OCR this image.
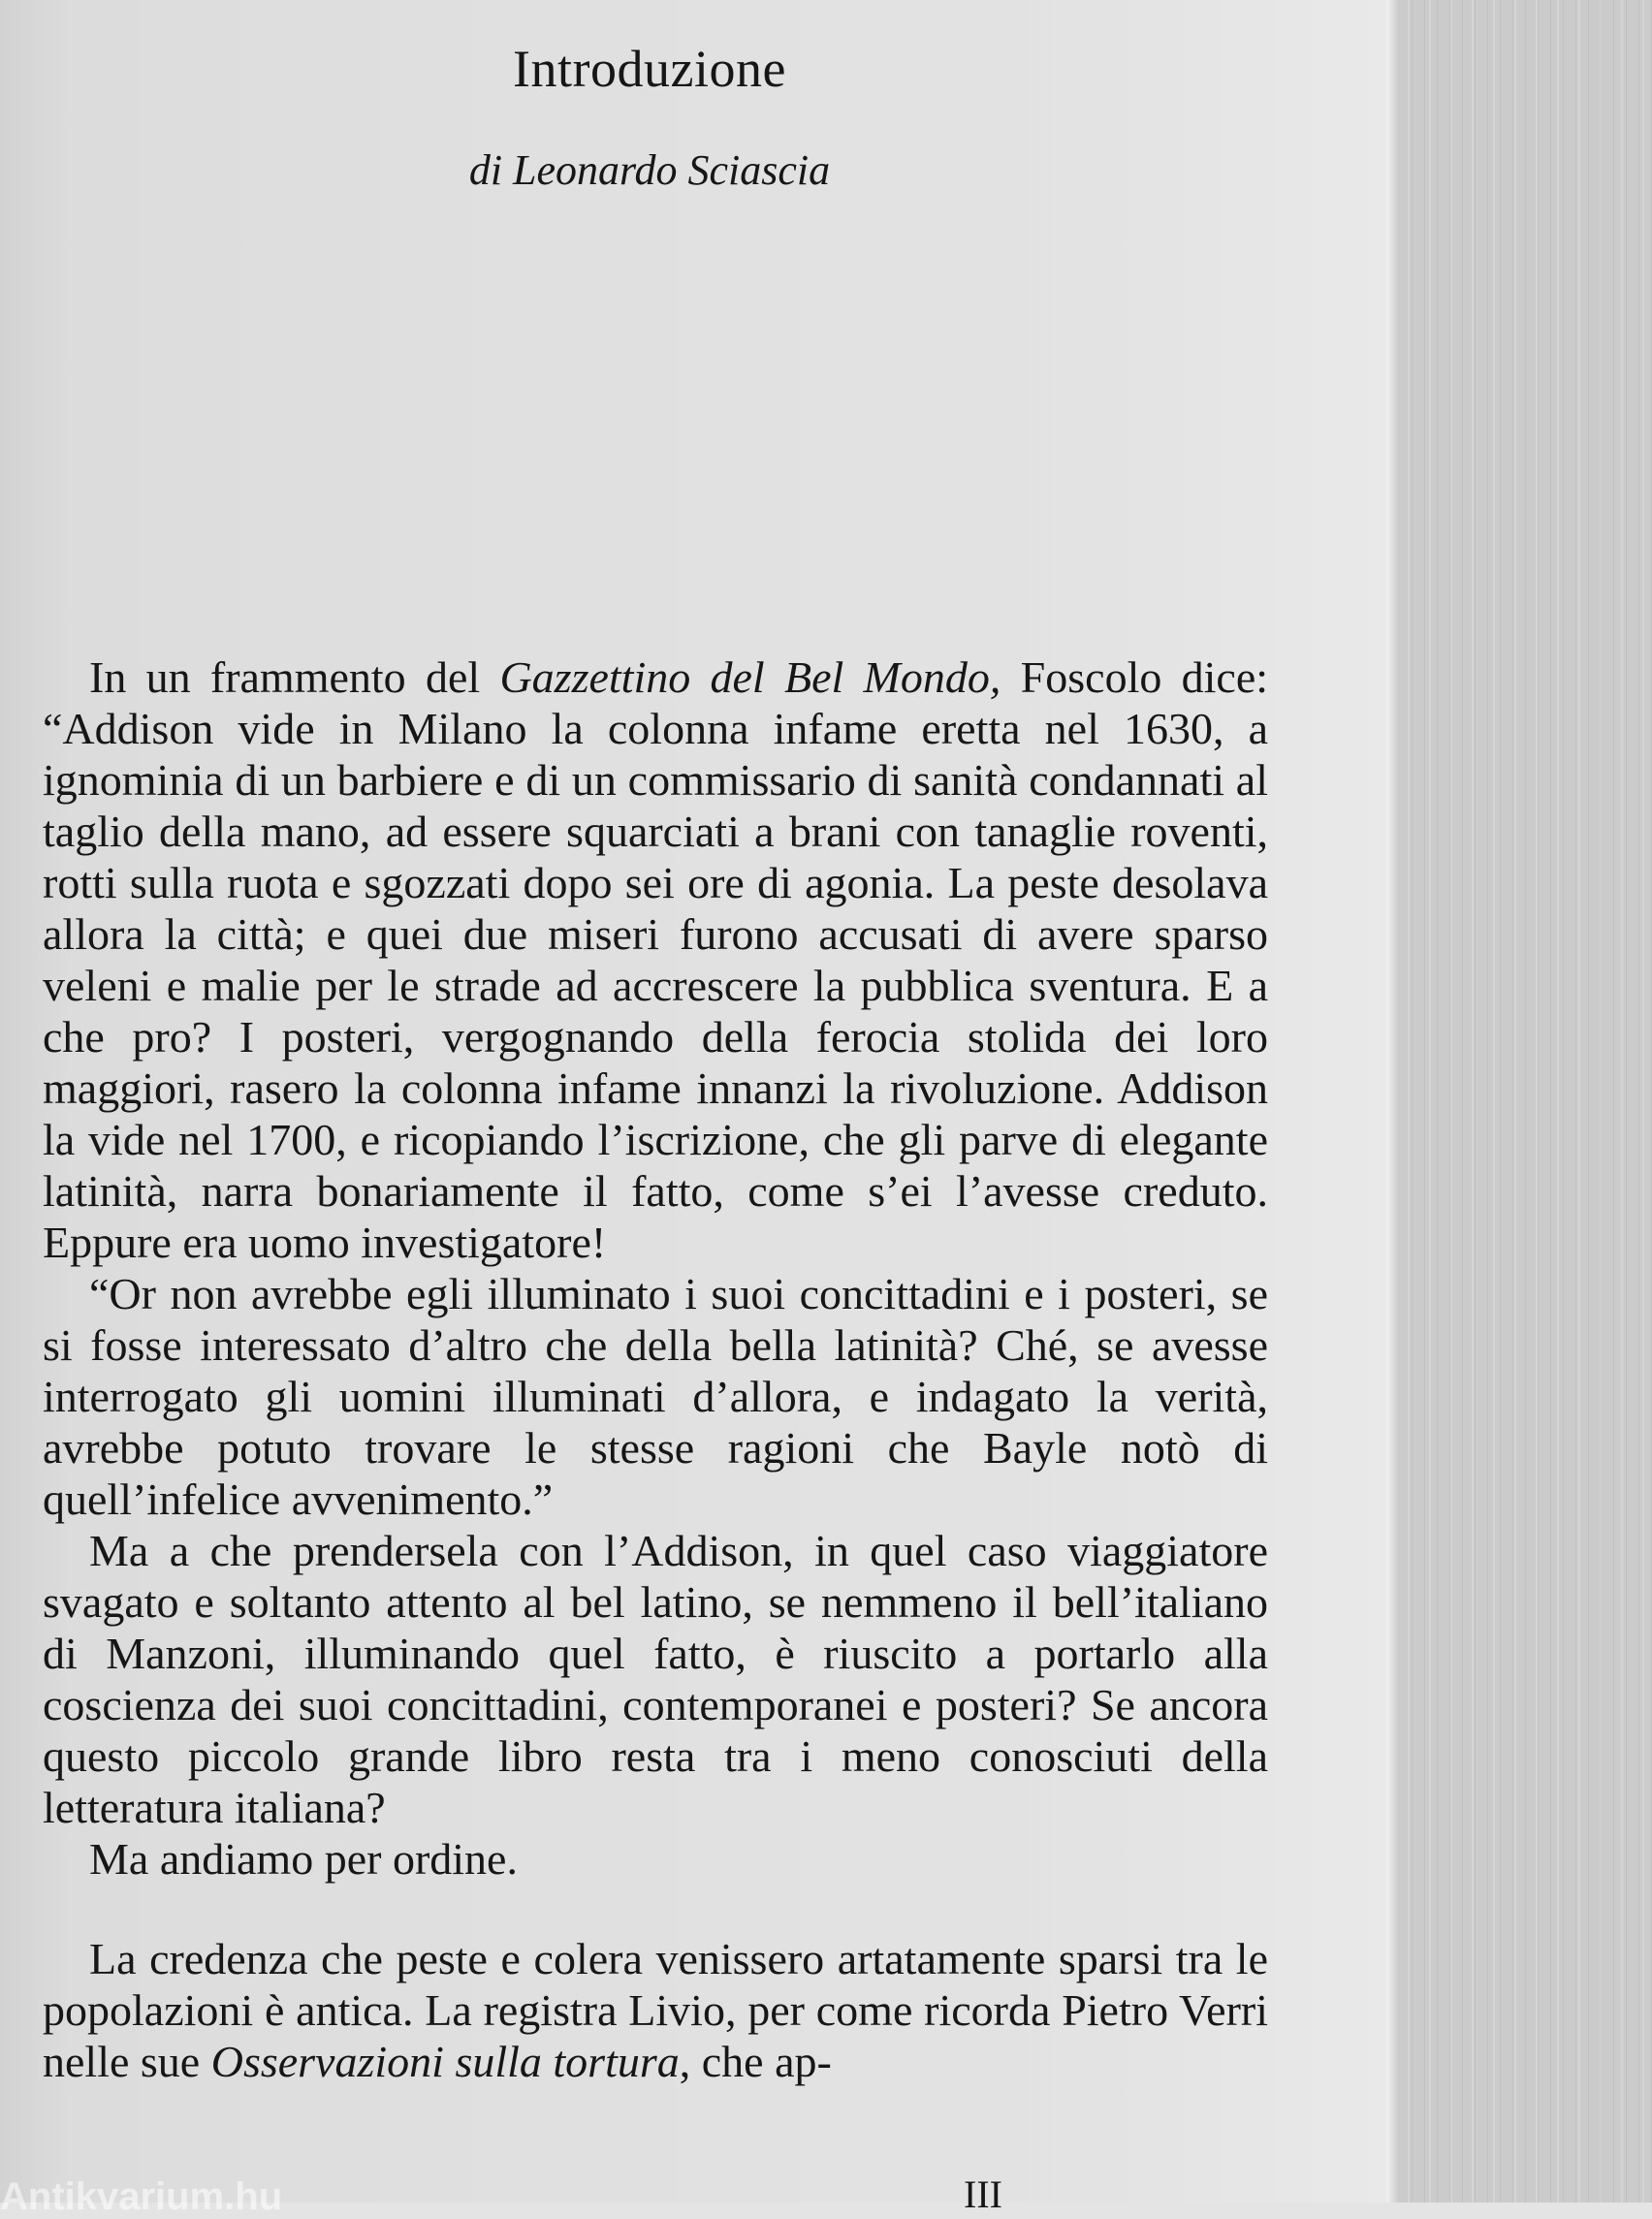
Introduzione
di Leonardo Sciascia

In un frammento del Gazzettino del Bel Mondo, Foscolo dice: “Addison vide in Milano la colonna infame eretta nel 1630, a ignominia di un barbiere e di un commissario di sanità condannati al taglio della mano, ad essere squarciati a brani con tanaglie roventi, rotti sulla ruota e sgozzati dopo sei ore di agonia. La peste desolava allora la città; e quei due miseri furono accusati di avere sparso veleni e malie per le strade ad accrescere la pubblica sventura. E a che pro? I posteri, vergognando della ferocia stolida dei loro maggiori, rasero la colonna infame innanzi la rivoluzione. Addison la vide nel 1700, e ricopiando l’iscrizione, che gli parve di elegante latinità, narra bonariamente il fatto, come s’ei l’avesse creduto. Eppure era uomo investigatore!

“Or non avrebbe egli illuminato i suoi concittadini e i posteri, se si fosse interessato d’altro che della bella latinità? Ché, se avesse interrogato gli uomini illuminati d’allora, e indagato la verità, avrebbe potuto trovare le stesse ragioni che Bayle notò di quell’infelice avvenimento.”

Ma a che prendersela con l’Addison, in quel caso viaggiatore svagato e soltanto attento al bel latino, se nemmeno il bell’italiano di Manzoni, illuminando quel fatto, è riuscito a portarlo alla coscienza dei suoi concittadini, contemporanei e posteri? Se ancora questo piccolo grande libro resta tra i meno conosciuti della letteratura italiana?

Ma andiamo per ordine.

La credenza che peste e colera venissero artatamente sparsi tra le popolazioni è antica. La registra Livio, per come ricorda Pietro Verri nelle sue Osservazioni sulla tortura, che ap-

III
Antikvarium.hu
